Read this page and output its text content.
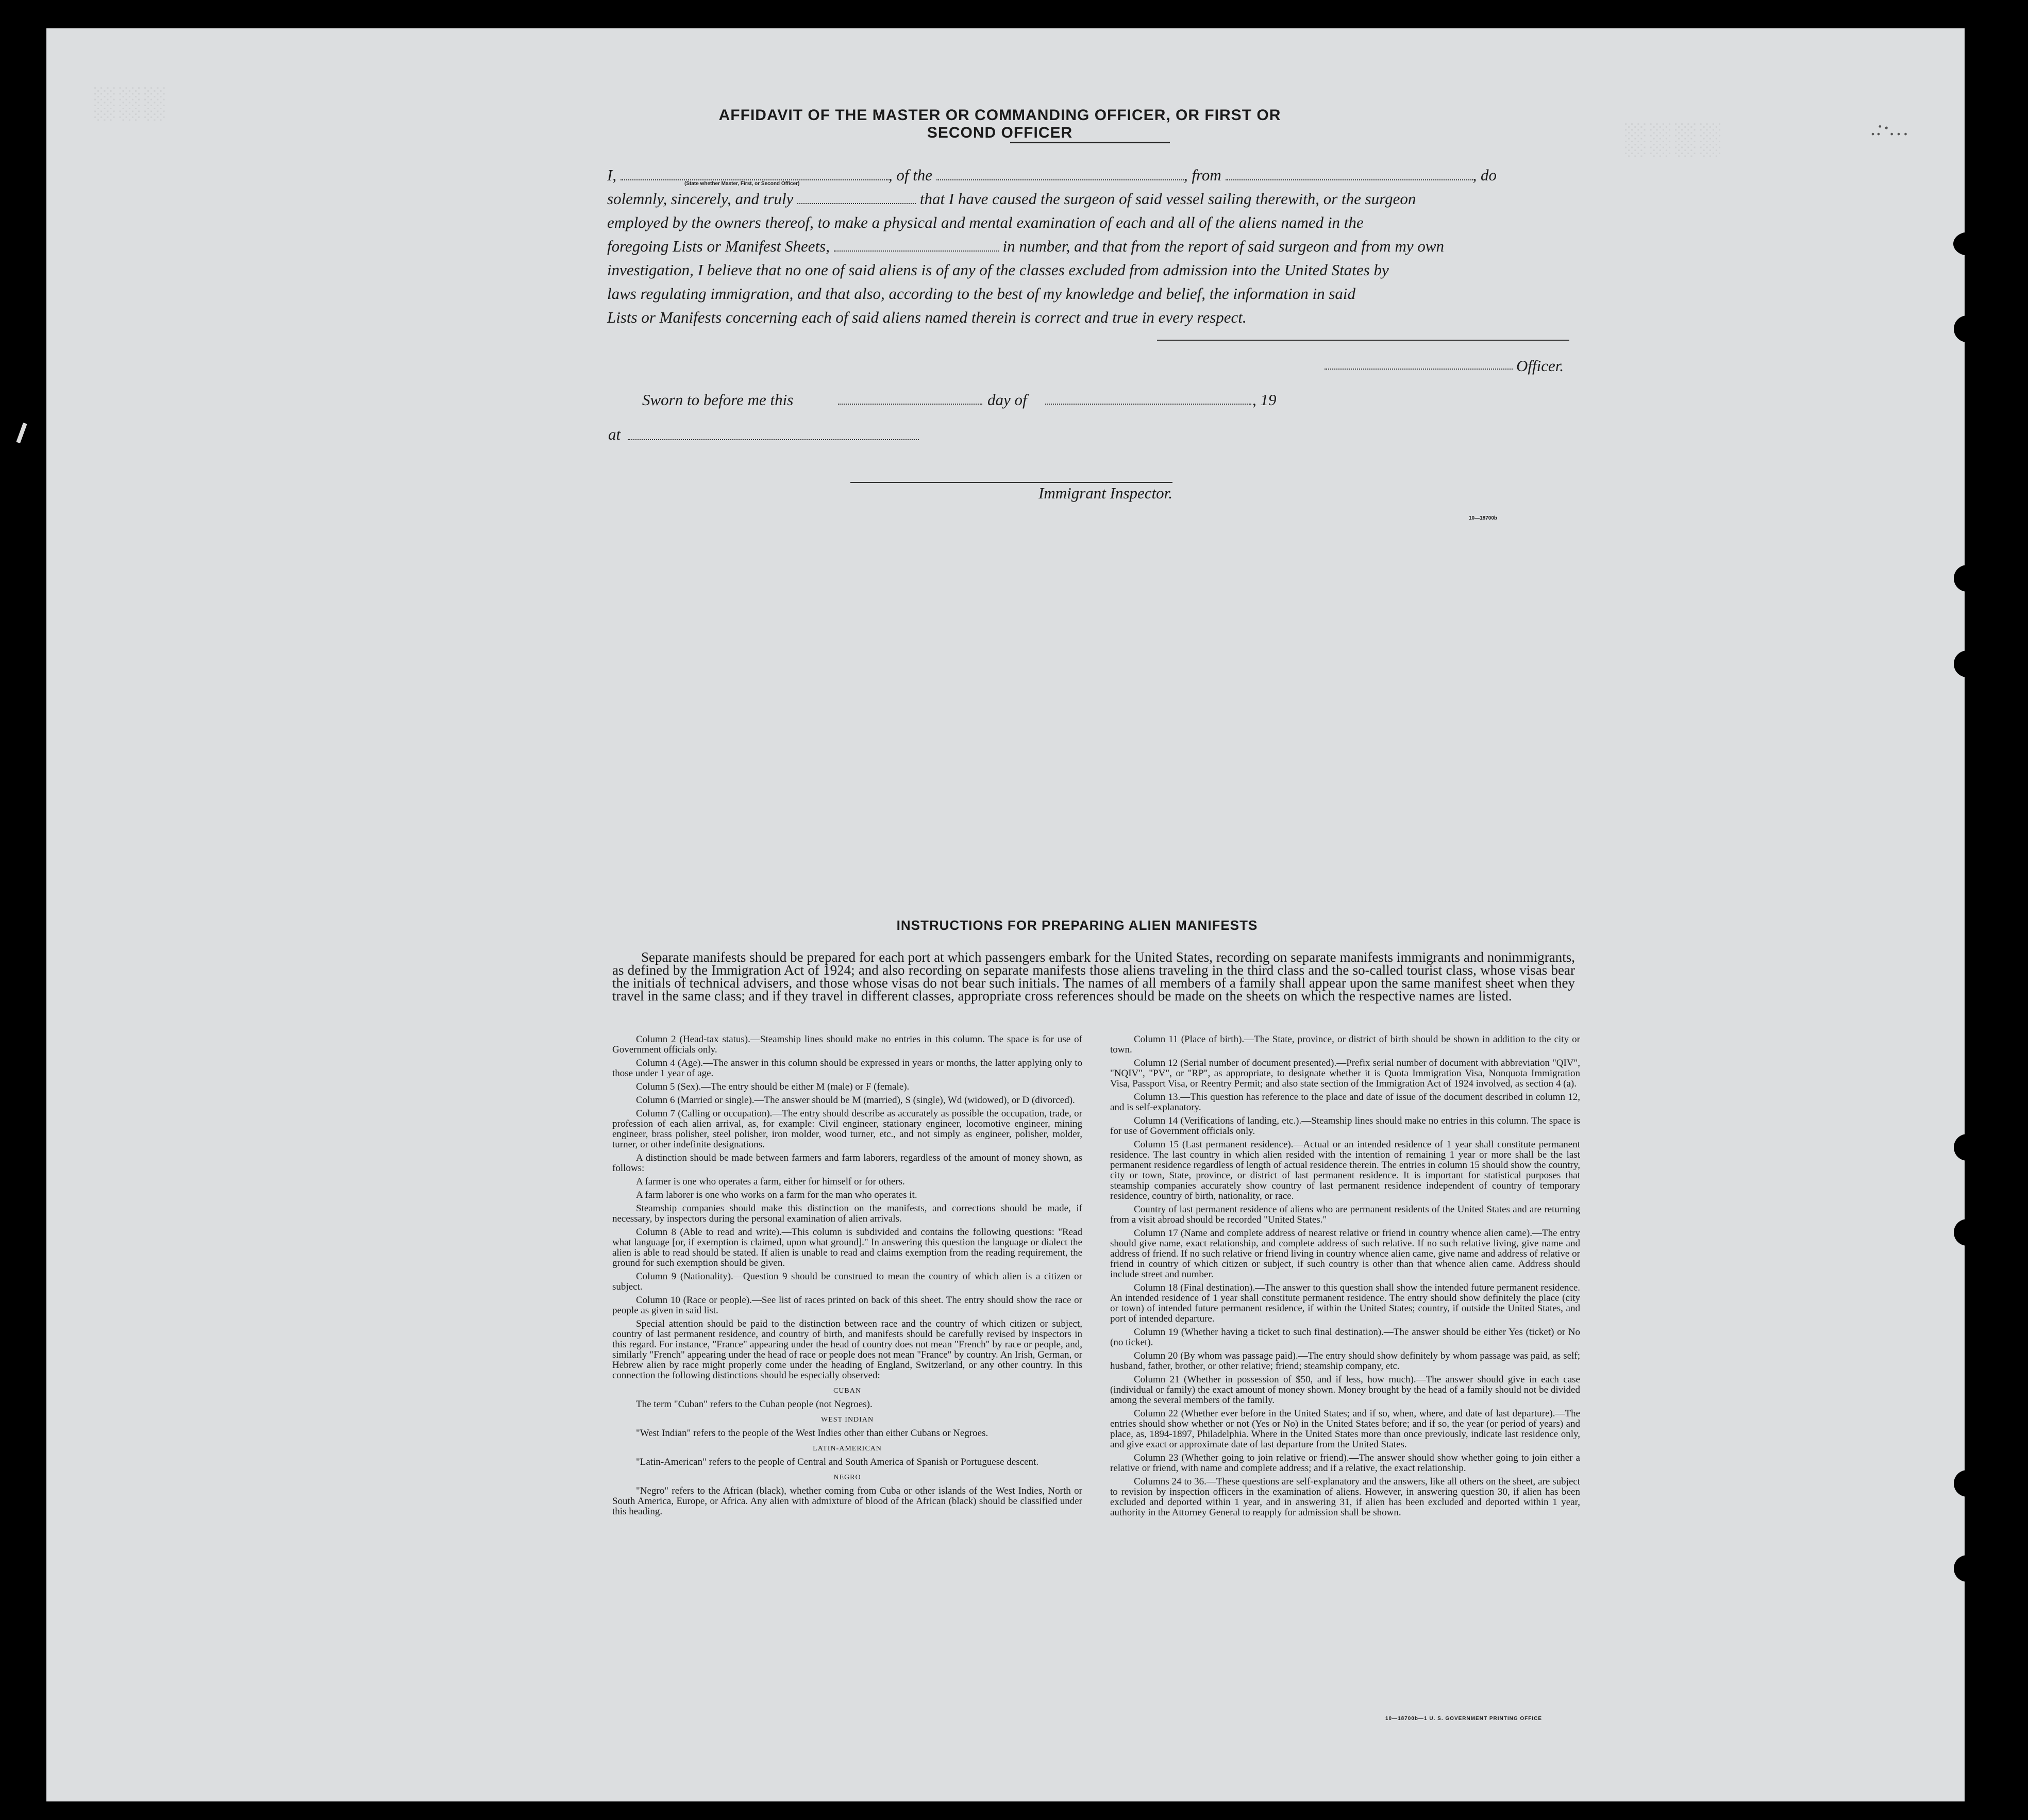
░░░
░░░░	.:⋅…
AFFIDAVIT OF THE MASTER OR COMMANDING OFFICER, OR FIRST OR SECOND OFFICER
I,	, of the	, from	, do
solemnly, sincerely, and truly	that I have caused the surgeon of said vessel sailing therewith, or the surgeon
employed by the owners thereof, to make a physical and mental examination of each and all of the aliens named in the
foregoing Lists or Manifest Sheets,	in number, and that from the report of said surgeon and from my own
investigation, I believe that no one of said aliens is of any of the classes excluded from admission into the United States by
laws regulating immigration, and that also, according to the best of my knowledge and belief, the information in said
Lists or Manifests concerning each of said aliens named therein is correct and true in every respect.
(State whether Master, First, or Second Officer)
Officer.
Sworn to before me this	day of	, 19
at
Immigrant Inspector.
10—18700b
INSTRUCTIONS FOR PREPARING ALIEN MANIFESTS
Separate manifests should be prepared for each port at which passengers embark for the United States, recording on separate manifests immigrants and nonimmigrants, as defined by the Immigration Act of 1924; and also recording on separate manifests those aliens traveling in the third class and the so-called tourist class, whose visas bear the initials of technical advisers, and those whose visas do not bear such initials. The names of all members of a family shall appear upon the same manifest sheet when they travel in the same class; and if they travel in different classes, appropriate cross references should be made on the sheets on which the respective names are listed.

Column 2 (Head-tax status).—Steamship lines should make no entries in this column. The space is for use of Government officials only.

Column 4 (Age).—The answer in this column should be expressed in years or months, the latter applying only to those under 1 year of age.

Column 5 (Sex).—The entry should be either M (male) or F (female).

Column 6 (Married or single).—The answer should be M (married), S (single), Wd (widowed), or D (divorced).

Column 7 (Calling or occupation).—The entry should describe as accurately as possible the occupation, trade, or profession of each alien arrival, as, for example: Civil engineer, stationary engineer, locomotive engineer, mining engineer, brass polisher, steel polisher, iron molder, wood turner, etc., and not simply as engineer, polisher, molder, turner, or other indefinite designations.

A distinction should be made between farmers and farm laborers, regardless of the amount of money shown, as follows:

A farmer is one who operates a farm, either for himself or for others.

A farm laborer is one who works on a farm for the man who operates it.

Steamship companies should make this distinction on the manifests, and corrections should be made, if necessary, by inspectors during the personal examination of alien arrivals.

Column 8 (Able to read and write).—This column is subdivided and contains the following questions: "Read what language [or, if exemption is claimed, upon what ground]." In answering this question the language or dialect the alien is able to read should be stated. If alien is unable to read and claims exemption from the reading requirement, the ground for such exemption should be given.

Column 9 (Nationality).—Question 9 should be construed to mean the country of which alien is a citizen or subject.

Column 10 (Race or people).—See list of races printed on back of this sheet. The entry should show the race or people as given in said list.

Special attention should be paid to the distinction between race and the country of which citizen or subject, country of last permanent residence, and country of birth, and manifests should be carefully revised by inspectors in this regard. For instance, "France" appearing under the head of country does not mean "French" by race or people, and, similarly "French" appearing under the head of race or people does not mean "France" by country. An Irish, German, or Hebrew alien by race might properly come under the heading of England, Switzerland, or any other country. In this connection the following distinctions should be especially observed:

CUBAN

The term "Cuban" refers to the Cuban people (not Negroes).

WEST INDIAN

"West Indian" refers to the people of the West Indies other than either Cubans or Negroes.

LATIN-AMERICAN

"Latin-American" refers to the people of Central and South America of Spanish or Portuguese descent.

NEGRO

"Negro" refers to the African (black), whether coming from Cuba or other islands of the West Indies, North or South America, Europe, or Africa. Any alien with admixture of blood of the African (black) should be classified under this heading.

Column 11 (Place of birth).—The State, province, or district of birth should be shown in addition to the city or town.

Column 12 (Serial number of document presented).—Prefix serial number of document with abbreviation "QIV", "NQIV", "PV", or "RP", as appropriate, to designate whether it is Quota Immigration Visa, Nonquota Immigration Visa, Passport Visa, or Reentry Permit; and also state section of the Immigration Act of 1924 involved, as section 4 (a).

Column 13.—This question has reference to the place and date of issue of the document described in column 12, and is self-explanatory.

Column 14 (Verifications of landing, etc.).—Steamship lines should make no entries in this column. The space is for use of Government officials only.

Column 15 (Last permanent residence).—Actual or an intended residence of 1 year shall constitute permanent residence. The last country in which alien resided with the intention of remaining 1 year or more shall be the last permanent residence regardless of length of actual residence therein. The entries in column 15 should show the country, city or town, State, province, or district of last permanent residence. It is important for statistical purposes that steamship companies accurately show country of last permanent residence independent of country of temporary residence, country of birth, nationality, or race.

Country of last permanent residence of aliens who are permanent residents of the United States and are returning from a visit abroad should be recorded "United States."

Column 17 (Name and complete address of nearest relative or friend in country whence alien came).—The entry should give name, exact relationship, and complete address of such relative. If no such relative living, give name and address of friend. If no such relative or friend living in country whence alien came, give name and address of relative or friend in country of which citizen or subject, if such country is other than that whence alien came. Address should include street and number.

Column 18 (Final destination).—The answer to this question shall show the intended future permanent residence. An intended residence of 1 year shall constitute permanent residence. The entry should show definitely the place (city or town) of intended future permanent residence, if within the United States; country, if outside the United States, and port of intended departure.

Column 19 (Whether having a ticket to such final destination).—The answer should be either Yes (ticket) or No (no ticket).

Column 20 (By whom was passage paid).—The entry should show definitely by whom passage was paid, as self; husband, father, brother, or other relative; friend; steamship company, etc.

Column 21 (Whether in possession of $50, and if less, how much).—The answer should give in each case (individual or family) the exact amount of money shown. Money brought by the head of a family should not be divided among the several members of the family.

Column 22 (Whether ever before in the United States; and if so, when, where, and date of last departure).—The entries should show whether or not (Yes or No) in the United States before; and if so, the year (or period of years) and place, as, 1894-1897, Philadelphia. Where in the United States more than once previously, indicate last residence only, and give exact or approximate date of last departure from the United States.

Column 23 (Whether going to join relative or friend).—The answer should show whether going to join either a relative or friend, with name and complete address; and if a relative, the exact relationship.

Columns 24 to 36.—These questions are self-explanatory and the answers, like all others on the sheet, are subject to revision by inspection officers in the examination of aliens. However, in answering question 30, if alien has been excluded and deported within 1 year, and in answering 31, if alien has been excluded and deported within 1 year, authority in the Attorney General to reapply for admission shall be shown.

10—18700b—1 U. S. GOVERNMENT PRINTING OFFICE
